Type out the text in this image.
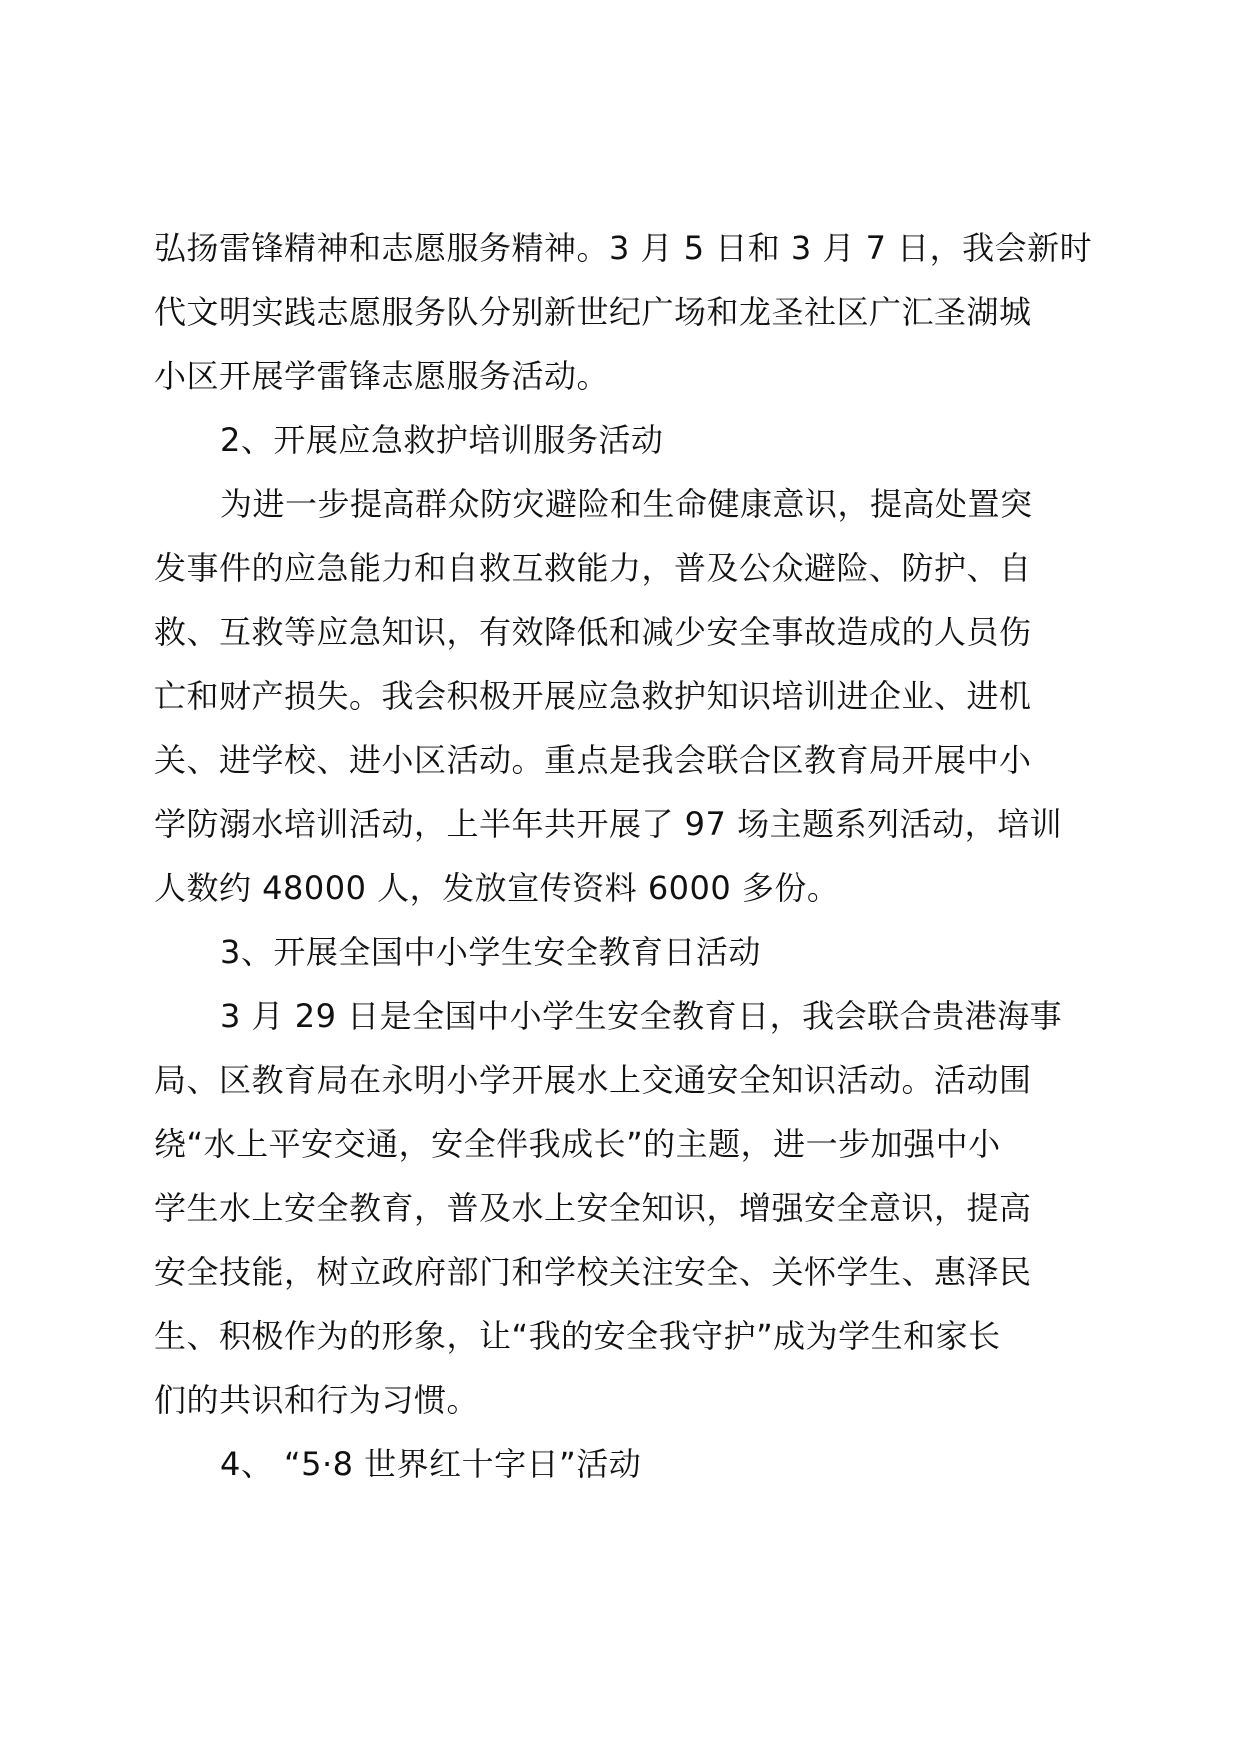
弘扬雷锋精神和志愿服务精神。3 月 5 日和 3 月 7 日，我会新时
代文明实践志愿服务队分别新世纪广场和龙圣社区广汇圣湖城
小区开展学雷锋志愿服务活动。
2、开展应急救护培训服务活动
为进一步提高群众防灾避险和生命健康意识，提高处置突
发事件的应急能力和自救互救能力，普及公众避险、防护、自
救、互救等应急知识，有效降低和减少安全事故造成的人员伤
亡和财产损失。我会积极开展应急救护知识培训进企业、进机
关、进学校、进小区活动。重点是我会联合区教育局开展中小
学防溺水培训活动，上半年共开展了 97 场主题系列活动，培训
人数约 48000 人，发放宣传资料 6000 多份。
3、开展全国中小学生安全教育日活动
3 月 29 日是全国中小学生安全教育日，我会联合贵港海事
局、区教育局在永明小学开展水上交通安全知识活动。活动围
绕“水上平安交通，安全伴我成长”的主题，进一步加强中小
学生水上安全教育，普及水上安全知识，增强安全意识，提高
安全技能，树立政府部门和学校关注安全、关怀学生、惠泽民
生、积极作为的形象，让“我的安全我守护”成为学生和家长
们的共识和行为习惯。
4、 “5·8 世界红十字日”活动
